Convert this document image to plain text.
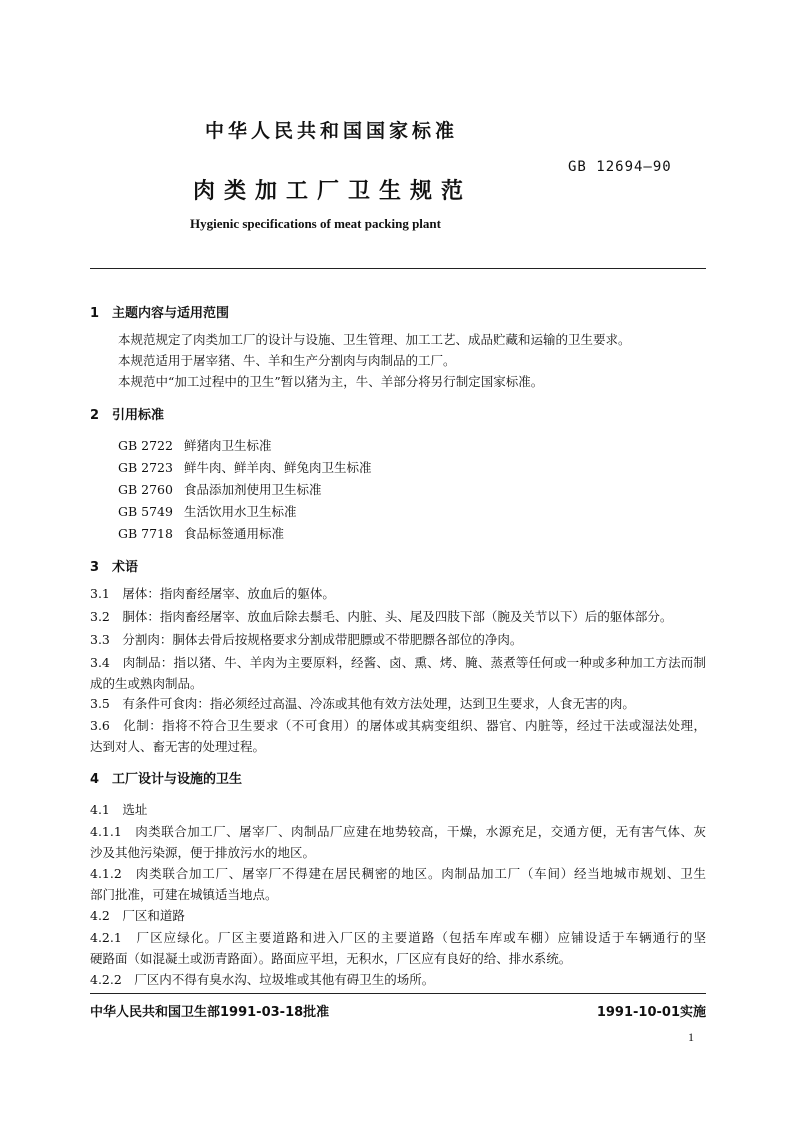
中华人民共和国国家标准
GB 12694—90
肉类加工厂卫生规范
Hygienic specifications of meat packing plant
1　主题内容与适用范围
本规范规定了肉类加工厂的设计与设施、卫生管理、加工工艺、成品贮藏和运输的卫生要求。
本规范适用于屠宰猪、牛、羊和生产分割肉与肉制品的工厂。
本规范中“加工过程中的卫生”暂以猪为主，牛、羊部分将另行制定国家标准。
2　引用标准
GB 2722 鲜猪肉卫生标准
GB 2723 鲜牛肉、鲜羊肉、鲜兔肉卫生标准
GB 2760 食品添加剂使用卫生标准
GB 5749 生活饮用水卫生标准
GB 7718 食品标签通用标准
3　术语
3.1　屠体：指肉畜经屠宰、放血后的躯体。
3.2　胴体：指肉畜经屠宰、放血后除去鬃毛、内脏、头、尾及四肢下部（腕及关节以下）后的躯体部分。
3.3　分割肉：胴体去骨后按规格要求分割成带肥膘或不带肥膘各部位的净肉。
3.4　肉制品：指以猪、牛、羊肉为主要原料，经酱、卤、熏、烤、腌、蒸煮等任何或一种或多种加工方法而制
成的生或熟肉制品。
3.5　有条件可食肉：指必须经过高温、冷冻或其他有效方法处理，达到卫生要求，人食无害的肉。
3.6　化制：指将不符合卫生要求（不可食用）的屠体或其病变组织、器官、内脏等，经过干法或湿法处理，
达到对人、畜无害的处理过程。
4　工厂设计与设施的卫生
4.1　选址
4.1.1　肉类联合加工厂、屠宰厂、肉制品厂应建在地势较高，干燥，水源充足，交通方便，无有害气体、灰
沙及其他污染源，便于排放污水的地区。
4.1.2　肉类联合加工厂、屠宰厂不得建在居民稠密的地区。肉制品加工厂（车间）经当地城市规划、卫生
部门批准，可建在城镇适当地点。
4.2　厂区和道路
4.2.1　厂区应绿化。厂区主要道路和进入厂区的主要道路（包括车库或车棚）应铺设适于车辆通行的坚
硬路面（如混凝土或沥青路面）。路面应平坦，无积水，厂区应有良好的给、排水系统。
4.2.2　厂区内不得有臭水沟、垃圾堆或其他有碍卫生的场所。
中华人民共和国卫生部1991-03-18批准	1991-10-01实施
1
